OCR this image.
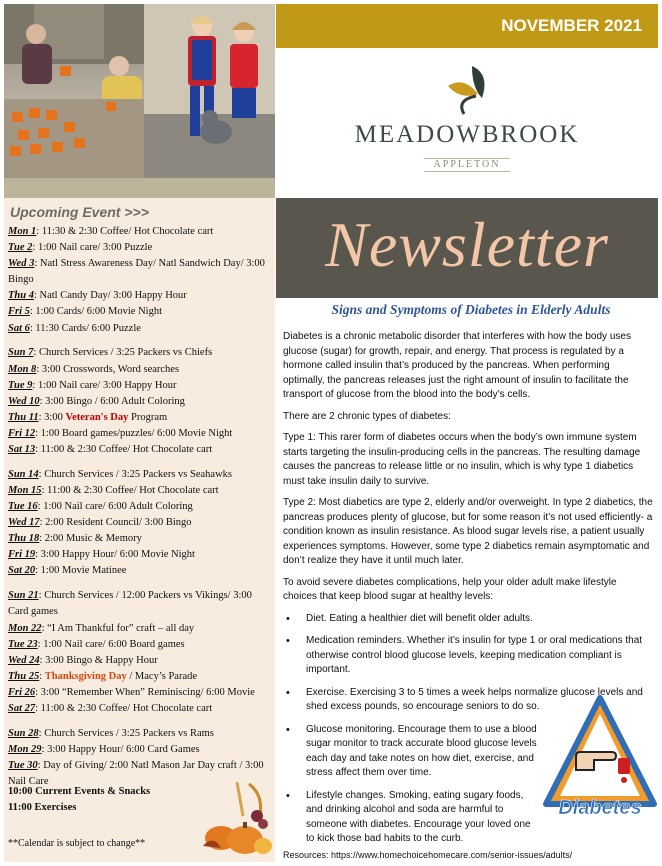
NOVEMBER 2021
MEADOWBROOK
APPLETON
Upcoming Event >>>
Mon 1: 11:30 & 2:30 Coffee/ Hot Chocolate cart
Tue 2: 1:00 Nail care/ 3:00 Puzzle
Wed 3: Natl Stress Awareness Day/ Natl Sandwich Day/ 3:00 Bingo
Thu 4: Natl Candy Day/ 3:00 Happy Hour
Fri 5: 1:00 Cards/ 6:00 Movie Night
Sat 6: 11:30 Cards/ 6:00 Puzzle
Sun 7: Church Services / 3:25 Packers vs Chiefs
Mon 8: 3:00 Crosswords, Word searches
Tue 9: 1:00 Nail care/ 3:00 Happy Hour
Wed 10: 3:00 Bingo / 6:00 Adult Coloring
Thu 11: 3:00 Veteran's Day Program
Fri 12: 1:00 Board games/puzzles/ 6:00 Movie Night
Sat 13: 11:00 & 2:30 Coffee/ Hot Chocolate cart
Sun 14: Church Services / 3:25 Packers vs Seahawks
Mon 15: 11:00 & 2:30 Coffee/ Hot Chocolate cart
Tue 16: 1:00 Nail care/ 6:00 Adult Coloring
Wed 17: 2:00 Resident Council/ 3:00 Bingo
Thu 18: 2:00 Music & Memory
Fri 19: 3:00 Happy Hour/ 6:00 Movie Night
Sat 20: 1:00 Movie Matinee
Sun 21: Church Services / 12:00 Packers vs Vikings/ 3:00 Card games
Mon 22: “I Am Thankful for” craft – all day
Tue 23: 1:00 Nail care/ 6:00 Board games
Wed 24: 3:00 Bingo & Happy Hour
Thu 25: Thanksgiving Day / Macy’s Parade
Fri 26: 3:00 “Remember When” Reminiscing/ 6:00 Movie
Sat 27: 11:00 & 2:30 Coffee/ Hot Chocolate cart
Sun 28: Church Services / 3:25 Packers vs Rams
Mon 29: 3:00 Happy Hour/ 6:00 Card Games
Tue 30: Day of Giving/ 2:00 Natl Mason Jar Day craft / 3:00 Nail Care
10:00 Current Events & Snacks
11:00 Exercises
**Calendar is subject to change**
Newsletter
Signs and Symptoms of Diabetes in Elderly Adults

Diabetes is a chronic metabolic disorder that interferes with how the body uses glucose (sugar) for growth, repair, and energy. That process is regulated by a hormone called insulin that’s produced by the pancreas. When performing optimally, the pancreas releases just the right amount of insulin to facilitate the transport of glucose from the blood into the body’s cells.

There are 2 chronic types of diabetes:

Type 1: This rarer form of diabetes occurs when the body’s own immune system starts targeting the insulin-producing cells in the pancreas. The resulting damage causes the pancreas to release little or no insulin, which is why type 1 diabetics must take insulin daily to survive.

Type 2: Most diabetics are type 2, elderly and/or overweight. In type 2 diabetics, the pancreas produces plenty of glucose, but for some reason it’s not used efficiently- a condition known as insulin resistance. As blood sugar levels rise, a patient usually experiences symptoms. However, some type 2 diabetics remain asymptomatic and don’t realize they have it until much later.

To avoid severe diabetes complications, help your older adult make lifestyle choices that keep blood sugar at healthy levels:

• Diet. Eating a healthier diet will benefit older adults.
• Medication reminders. Whether it’s insulin for type 1 or oral medications that otherwise control blood glucose levels, keeping medication compliant is important.
• Exercise. Exercising 3 to 5 times a week helps normalize glucose levels and shed excess pounds, so encourage seniors to do so.
• Glucose monitoring. Encourage them to use a blood sugar monitor to track accurate blood glucose levels each day and take notes on how diet, exercise, and stress affect them over time.
• Lifestyle changes. Smoking, eating sugary foods, and drinking alcohol and soda are harmful to someone with diabetes. Encourage your loved one to kick those bad habits to the curb.
Diabetes
Resources: https://www.homechoicehomecare.com/senior-issues/adults/
